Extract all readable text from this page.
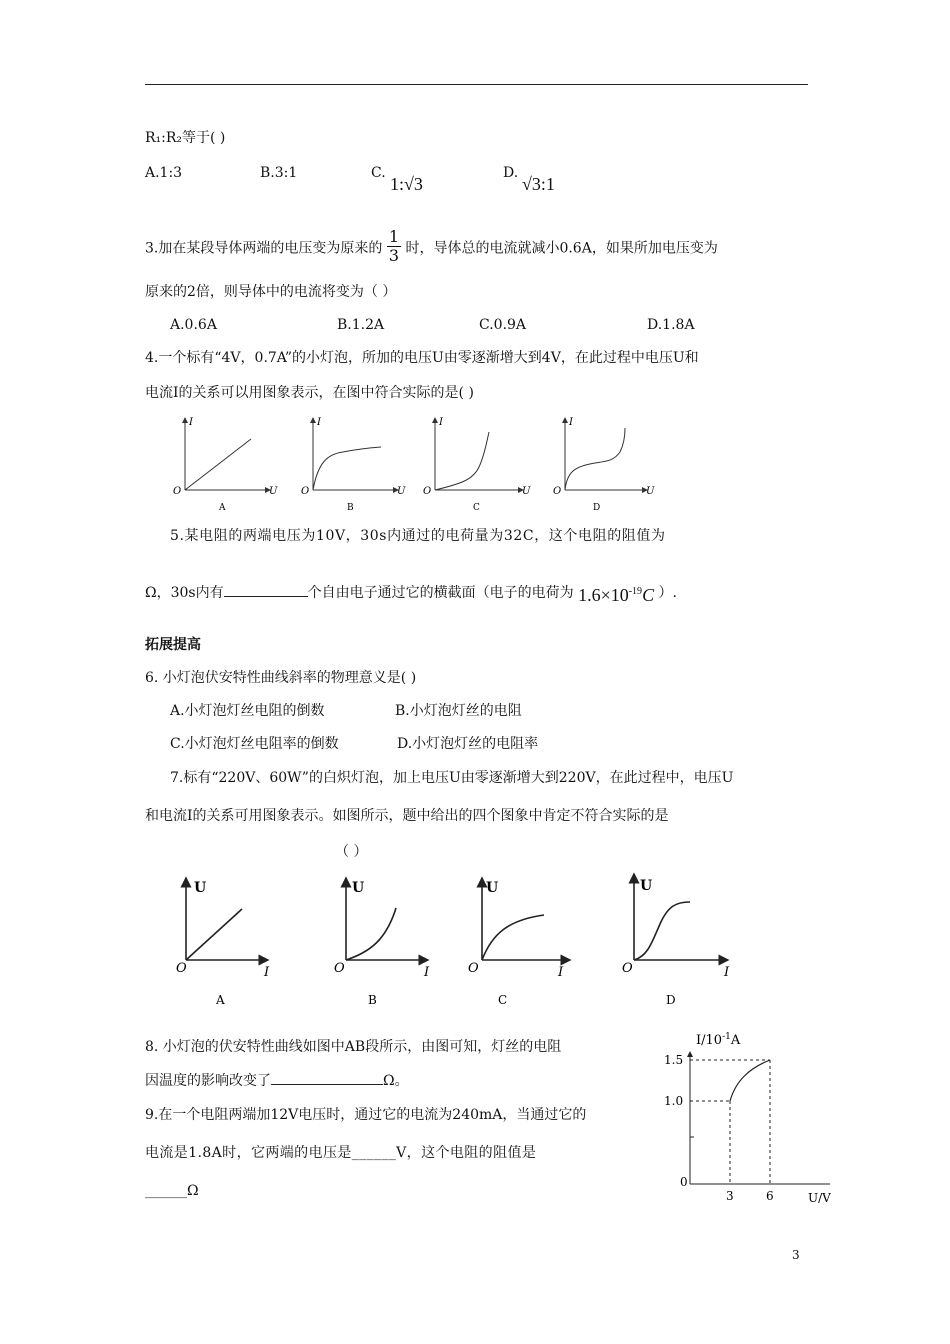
R₁:R₂等于( )
A.1:3	B.3:1	C.
1:√3
D.
√3:1
3.加在某段导体两端的电压变为原来的 $\frac{1}{3}$ 时，导体总的电流就减小0.6A，如果所加电压变为
原来的2倍，则导体中的电流将变为（ ）
A.0.6A	B.1.2A	C.0.9A	D.1.8A
4.一个标有“4V，0.7A”的小灯泡，所加的电压U由零逐渐增大到4V，在此过程中电压U和
电流I的关系可以用图象表示，在图中符合实际的是( )
I
U
O
A
I
U
O
B
I
U
O
C
I
U
O
D
5.某电阻的两端电压为10V，30s内通过的电荷量为32C，这个电阻的阻值为
Ω，30s内有	个自由电子通过它的横截面（电子的电荷为 $1.6\times 10^{-19}C$ ）.
拓展提高
6. 小灯泡伏安特性曲线斜率的物理意义是( )
A.小灯泡灯丝电阻的倒数	B.小灯泡灯丝的电阻
C.小灯泡灯丝电阻率的倒数	D.小灯泡灯丝的电阻率
7.标有“220V、60W”的白炽灯泡，加上电压U由零逐渐增大到220V，在此过程中，电压U
和电流I的关系可用图象表示。如图所示，题中给出的四个图象中肯定不符合实际的是
（ ）
U
I
O
A
U
I
O
B
U
I
O
C
U
I
O
D
8. 小灯泡的伏安特性曲线如图中AB段所示，由图可知，灯丝的电阻
因温度的影响改变了	Ω。
9.在一个电阻两端加12V电压时，通过它的电流为240mA，当通过它的
电流是1.8A时，它两端的电压是______V，这个电阻的阻值是
______Ω
$I/10^{-1}A$
1.5
1.0
0
3	6	U/V
3
